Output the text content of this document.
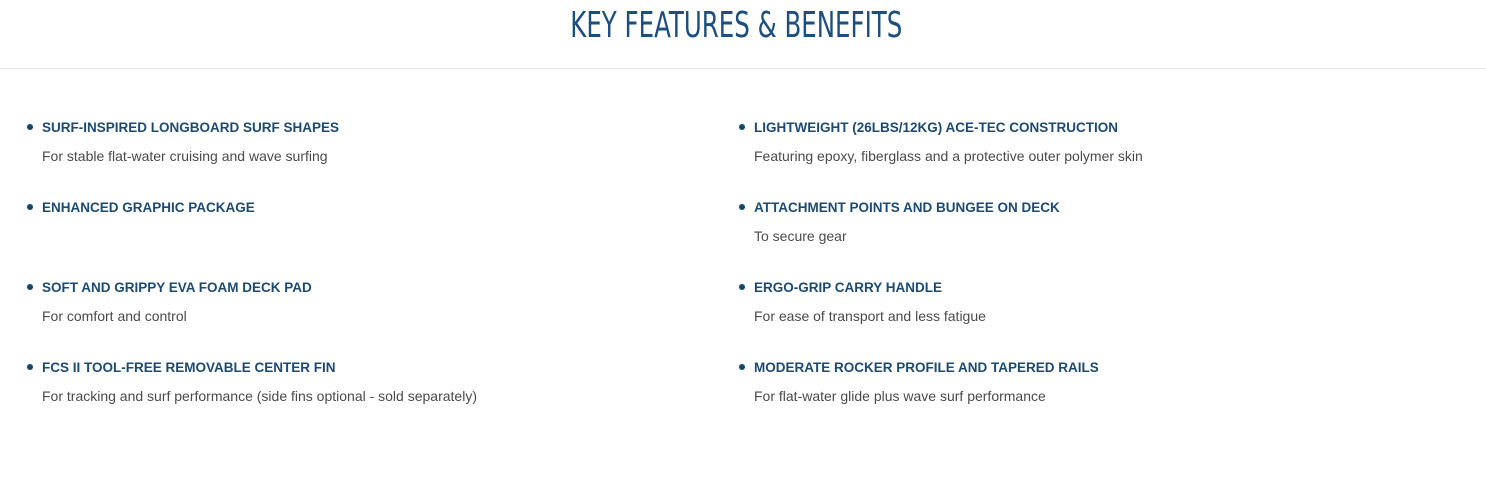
KEY FEATURES & BENEFITS
SURF-INSPIRED LONGBOARD SURF SHAPES
For stable flat-water cruising and wave surfing
ENHANCED GRAPHIC PACKAGE
SOFT AND GRIPPY EVA FOAM DECK PAD
For comfort and control
FCS II TOOL-FREE REMOVABLE CENTER FIN
For tracking and surf performance (side fins optional - sold separately)
LIGHTWEIGHT (26LBS/12KG) ACE-TEC CONSTRUCTION
Featuring epoxy, fiberglass and a protective outer polymer skin
ATTACHMENT POINTS AND BUNGEE ON DECK
To secure gear
ERGO-GRIP CARRY HANDLE
For ease of transport and less fatigue
MODERATE ROCKER PROFILE AND TAPERED RAILS
For flat-water glide plus wave surf performance
